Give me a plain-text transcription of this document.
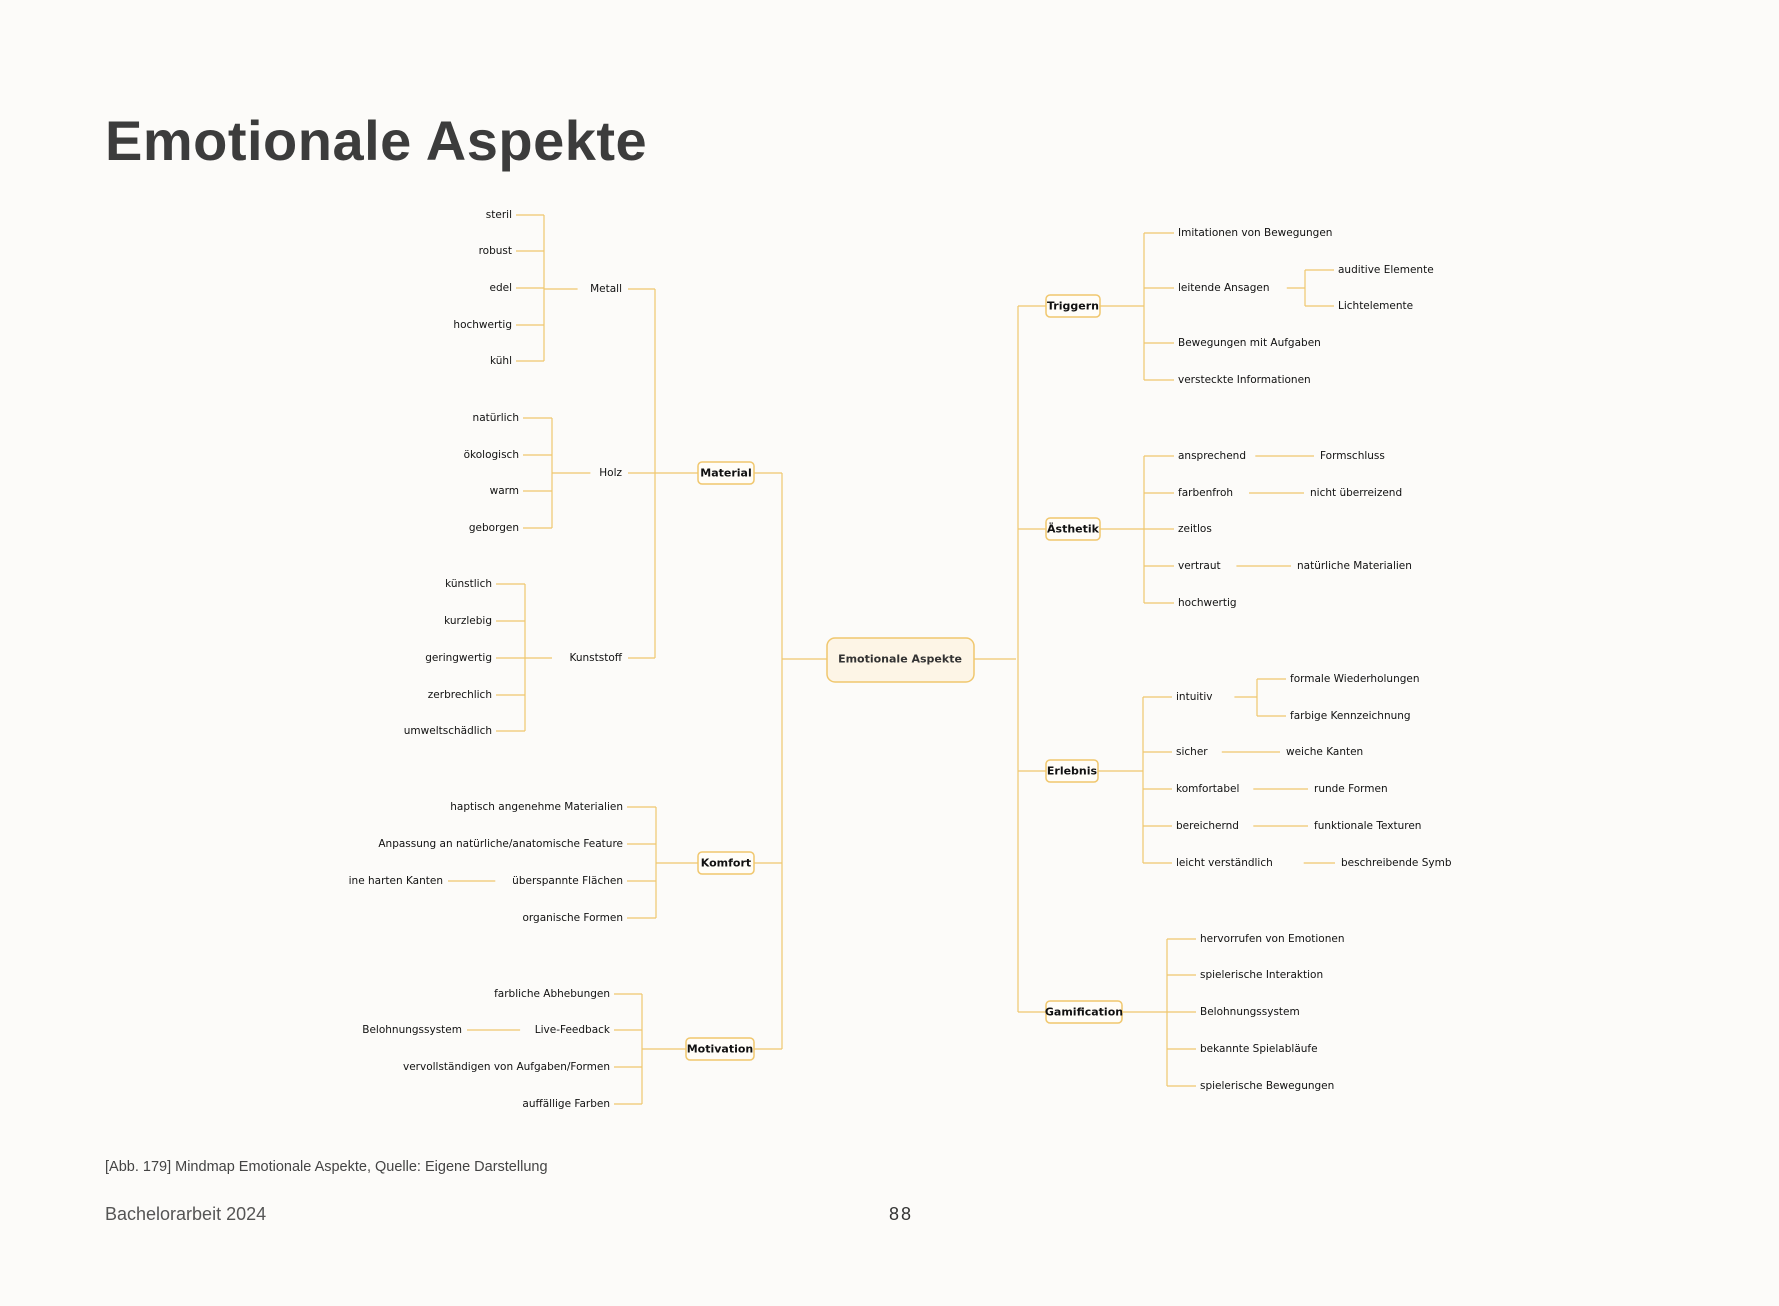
Emotionale Aspekte
Emotionale Aspekte
Material
Komfort
Motivation
Metall
steril
robust
edel
hochwertig
kühl
Holz
natürlich
ökologisch
warm
geborgen
Kunststoff
künstlich
kurzlebig
geringwertig
zerbrechlich
umweltschädlich
haptisch angenehme Materialien
Anpassung an natürliche/anatomische Feature
überspannte Flächen
ine harten Kanten
organische Formen
farbliche Abhebungen
Live-Feedback
Belohnungssystem
vervollständigen von Aufgaben/Formen
auffällige Farben
Triggern
Ästhetik
Erlebnis
Gamification
Imitationen von Bewegungen
leitende Ansagen
auditive Elemente
Lichtelemente
Bewegungen mit Aufgaben
versteckte Informationen
ansprechend	Formschluss
farbenfroh	nicht überreizend
zeitlos
vertraut	natürliche Materialien
hochwertig
intuitiv
formale Wiederholungen
farbige Kennzeichnung
sicher	weiche Kanten
komfortabel	runde Formen
bereichernd	funktionale Texturen
leicht verständlich	beschreibende Symb
hervorrufen von Emotionen
spielerische Interaktion
Belohnungssystem
bekannte Spielabläufe
spielerische Bewegungen
[Abb. 179] Mindmap Emotionale Aspekte, Quelle: Eigene Darstellung
Bachelorarbeit 2024	88
